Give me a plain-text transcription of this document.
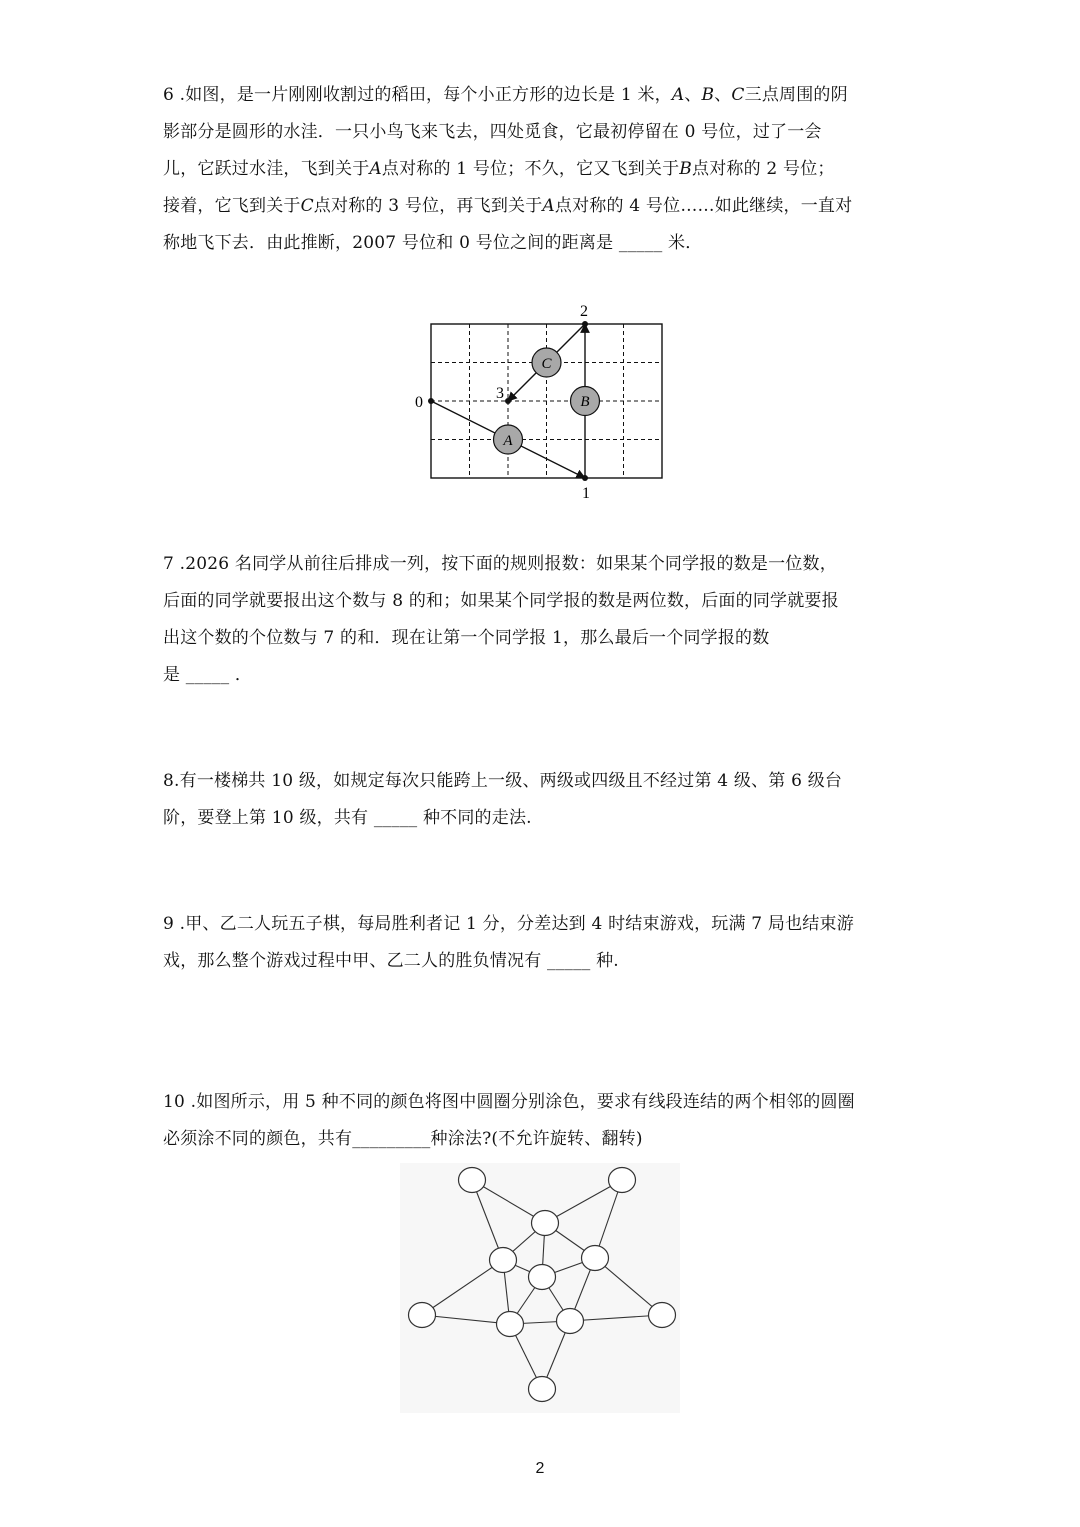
6 .如图，是一片刚刚收割过的稻田，每个小正方形的边长是 1 米，𝐴、𝐵、𝐶三点周围的阴
影部分是圆形的水洼．一只小鸟飞来飞去，四处觅食，它最初停留在 0 号位，过了一会
儿，它跃过水洼，飞到关于𝐴点对称的 1 号位；不久，它又飞到关于𝐵点对称的 2 号位；
接着，它飞到关于𝐶点对称的 3 号位，再飞到关于𝐴点对称的 4 号位……如此继续，一直对
称地飞下去．由此推断，2007 号位和 0 号位之间的距离是 _____ 米．
A
B
C
0
1
2
3
7 .2026 名同学从前往后排成一列，按下面的规则报数：如果某个同学报的数是一位数，
后面的同学就要报出这个数与 8 的和；如果某个同学报的数是两位数，后面的同学就要报
出这个数的个位数与 7 的和．现在让第一个同学报 1，那么最后一个同学报的数
是 _____ ．
8.有一楼梯共 10 级，如规定每次只能跨上一级、两级或四级且不经过第 4 级、第 6 级台
阶，要登上第 10 级，共有 _____ 种不同的走法.
9 .甲、乙二人玩五子棋，每局胜利者记 1 分，分差达到 4 时结束游戏，玩满 7 局也结束游
戏，那么整个游戏过程中甲、乙二人的胜负情况有 _____ 种.
10 .如图所示，用 5 种不同的颜色将图中圆圈分别涂色，要求有线段连结的两个相邻的圆圈
必须涂不同的颜色，共有_________种涂法?(不允许旋转、翻转)
2
